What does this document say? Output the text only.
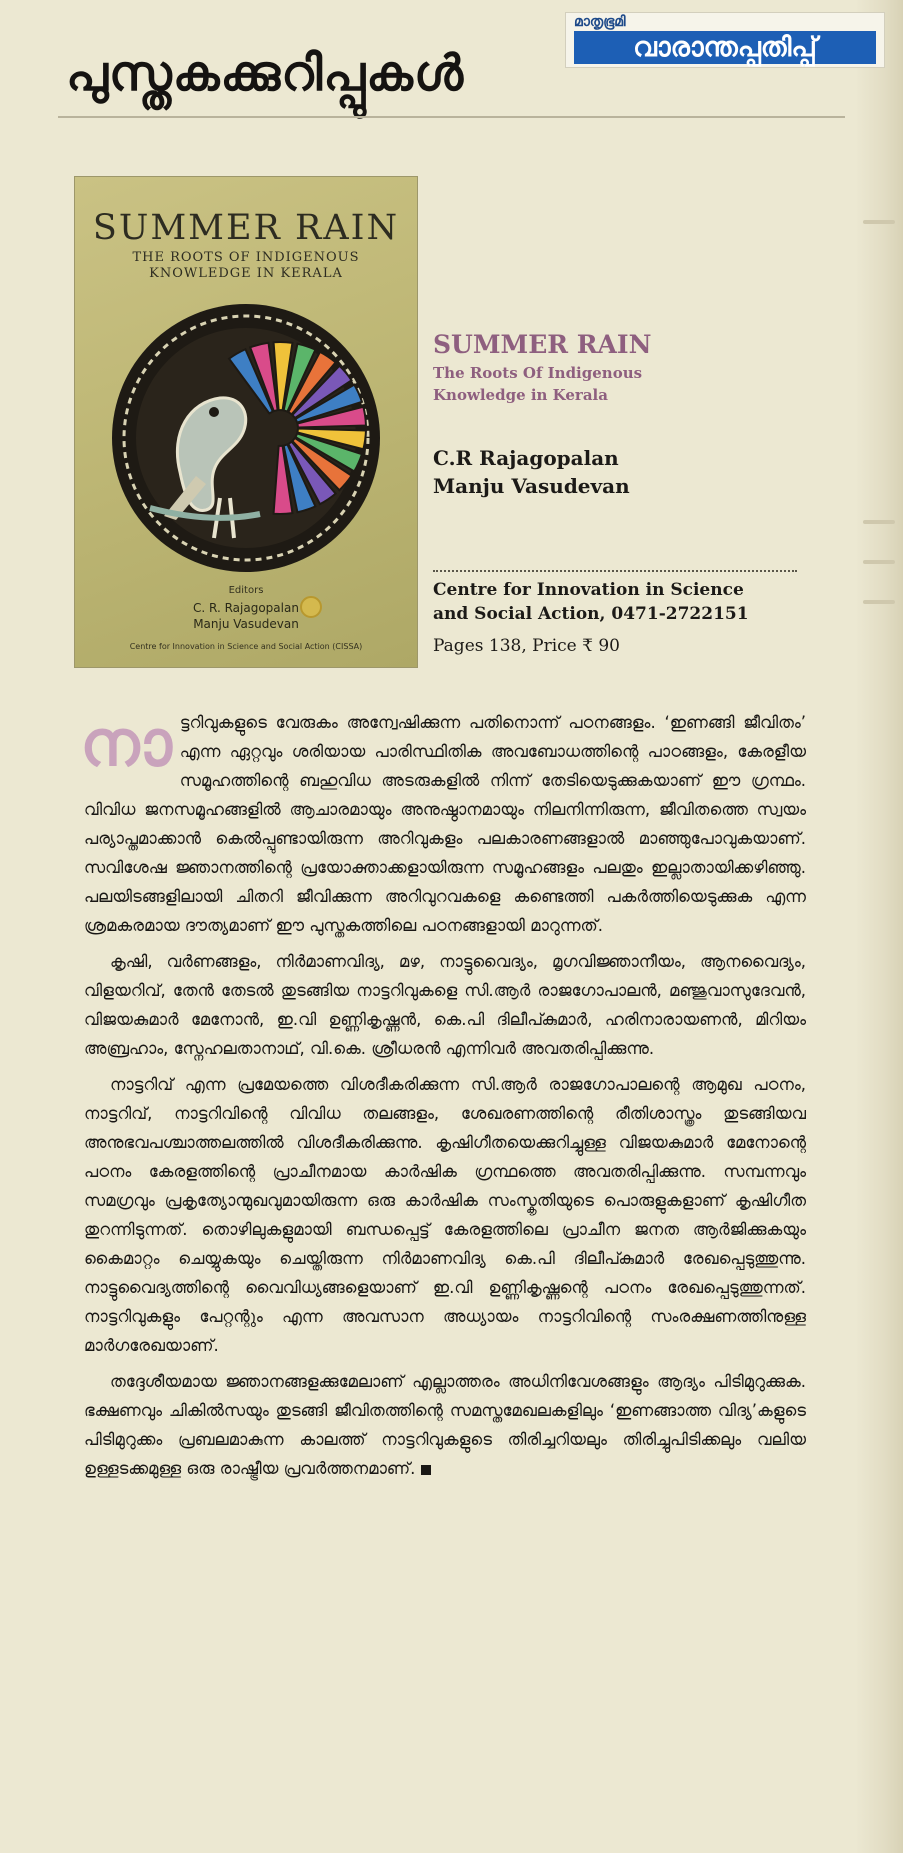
മാതൃഭൂമി
വാരാന്തപ്പതിപ്പ്
പുസ്തകക്കുറിപ്പുകൾ
SUMMER RAIN
THE ROOTS OF INDIGENOUS
KNOWLEDGE IN KERALA
Editors
C. R. Rajagopalan
Manju Vasudevan
Centre for Innovation in Science and Social Action (CISSA)
SUMMER RAIN
The Roots Of Indigenous
Knowledge in Kerala
C.R Rajagopalan
Manju Vasudevan
Centre for Innovation in Science
and Social Action, 0471-2722151
Pages 138, Price ₹ 90

നാട്ടറിവുകളുടെ വേരുകം അന്വേഷിക്കുന്ന പതിനൊന്ന് പഠനങ്ങളം. ‘ഇണങ്ങി ജീവിതം’ എന്ന ഏറ്റവും ശരിയായ പാരിസ്ഥിതിക അവബോധത്തിന്റെ പാഠങ്ങളം, കേരളീയ സമൂഹത്തിന്റെ ബഹുവിധ അടരുകളിൽ നിന്ന് തേടിയെടുക്കുകയാണ് ഈ ഗ്രന്ഥം. വിവിധ ജനസമൂഹങ്ങളിൽ ആചാരമായും അനുഷ്ഠാനമായും നിലനിന്നിരുന്ന, ജീവിതത്തെ സ്വയം പര്യാപ്തമാക്കാൻ കെൽപ്പുണ്ടായിരുന്ന അറിവുകളം പലകാരണങ്ങളാൽ മാഞ്ഞുപോവുകയാണ്. സവിശേഷ ജ്ഞാനത്തിന്റെ പ്രയോക്താക്കളായിരുന്ന സമൂഹങ്ങളം പലതും ഇല്ലാതായിക്കഴിഞ്ഞു. പലയിടങ്ങളിലായി ചിതറി ജീവിക്കുന്ന അറിവുറവകളെ കണ്ടെത്തി പകർത്തിയെടുക്കുക എന്ന ശ്രമകരമായ ദൗത്യമാണ് ഈ പുസ്തകത്തിലെ പഠനങ്ങളായി മാറുന്നത്.

കൃഷി, വർണങ്ങളം, നിർമാണവിദ്യ, മഴ, നാട്ടുവൈദ്യം, മൃഗവിജ്ഞാനീയം, ആനവൈദ്യം, വിളയറിവ്, തേൻ തേടൽ തുടങ്ങിയ നാട്ടറിവുകളെ സി.ആർ രാജഗോപാലൻ, മഞ്ജുവാസുദേവൻ, വിജയകുമാർ മേനോൻ, ഇ.വി ഉണ്ണികൃഷ്ണൻ, കെ.പി ദിലീപ്കുമാർ, ഹരിനാരായണൻ, മിറിയം അബ്രഹാം, സ്നേഹലതാനാഥ്, വി.കെ. ശ്രീധരൻ എന്നിവർ അവതരിപ്പിക്കുന്നു.

നാട്ടറിവ് എന്ന പ്രമേയത്തെ വിശദീകരിക്കുന്ന സി.ആർ രാജഗോപാലന്റെ ആമുഖ പഠനം, നാട്ടറിവ്, നാട്ടറിവിന്റെ വിവിധ തലങ്ങളം, ശേഖരണത്തിന്റെ രീതിശാസ്ത്രം തുടങ്ങിയവ അനുഭവപശ്ചാത്തലത്തിൽ വിശദീകരിക്കുന്നു. കൃഷിഗീതയെക്കുറിച്ചുള്ള വിജയകുമാർ മേനോന്റെ പഠനം കേരളത്തിന്റെ പ്രാചീനമായ കാർഷിക ഗ്രന്ഥത്തെ അവതരിപ്പിക്കുന്നു. സമ്പന്നവും സമഗ്രവും പ്രകൃത്യോന്മുഖവുമായിരുന്ന ഒരു കാർഷിക സംസ്കൃതിയുടെ പൊരുളുകളാണ് കൃഷിഗീത തുറന്നിടുന്നത്. തൊഴിലുകളുമായി ബന്ധപ്പെട്ട് കേരളത്തിലെ പ്രാചീന ജനത ആർജിക്കുകയും കൈമാറ്റം ചെയ്യുകയും ചെയ്തിരുന്ന നിർമാണവിദ്യ കെ.പി ദിലീപ്കുമാർ രേഖപ്പെടുത്തുന്നു. നാട്ടുവൈദ്യത്തിന്റെ വൈവിധ്യങ്ങളെയാണ് ഇ.വി ഉണ്ണികൃഷ്ണന്റെ പഠനം രേഖപ്പെടുത്തുന്നത്. നാട്ടറിവുകളും പേറ്റന്റും എന്ന അവസാന അധ്യായം നാട്ടറിവിന്റെ സംരക്ഷണത്തിനുള്ള മാർഗരേഖയാണ്.

തദ്ദേശീയമായ ജ്ഞാനങ്ങളക്കുമേലാണ് എല്ലാത്തരം അധിനിവേശങ്ങളും ആദ്യം പിടിമുറുക്കുക. ഭക്ഷണവും ചികിൽസയും തുടങ്ങി ജീവിതത്തിന്റെ സമസ്തമേഖലകളിലും ‘ഇണങ്ങാത്ത വിദ്യ’കളുടെ പിടിമുറുക്കം പ്രബലമാകുന്ന കാലത്ത് നാട്ടറിവുകളുടെ തിരിച്ചറിയലും തിരിച്ചുപിടിക്കലും വലിയ ഉള്ളടക്കമുള്ള ഒരു രാഷ്ട്രീയ പ്രവർത്തനമാണ്.
